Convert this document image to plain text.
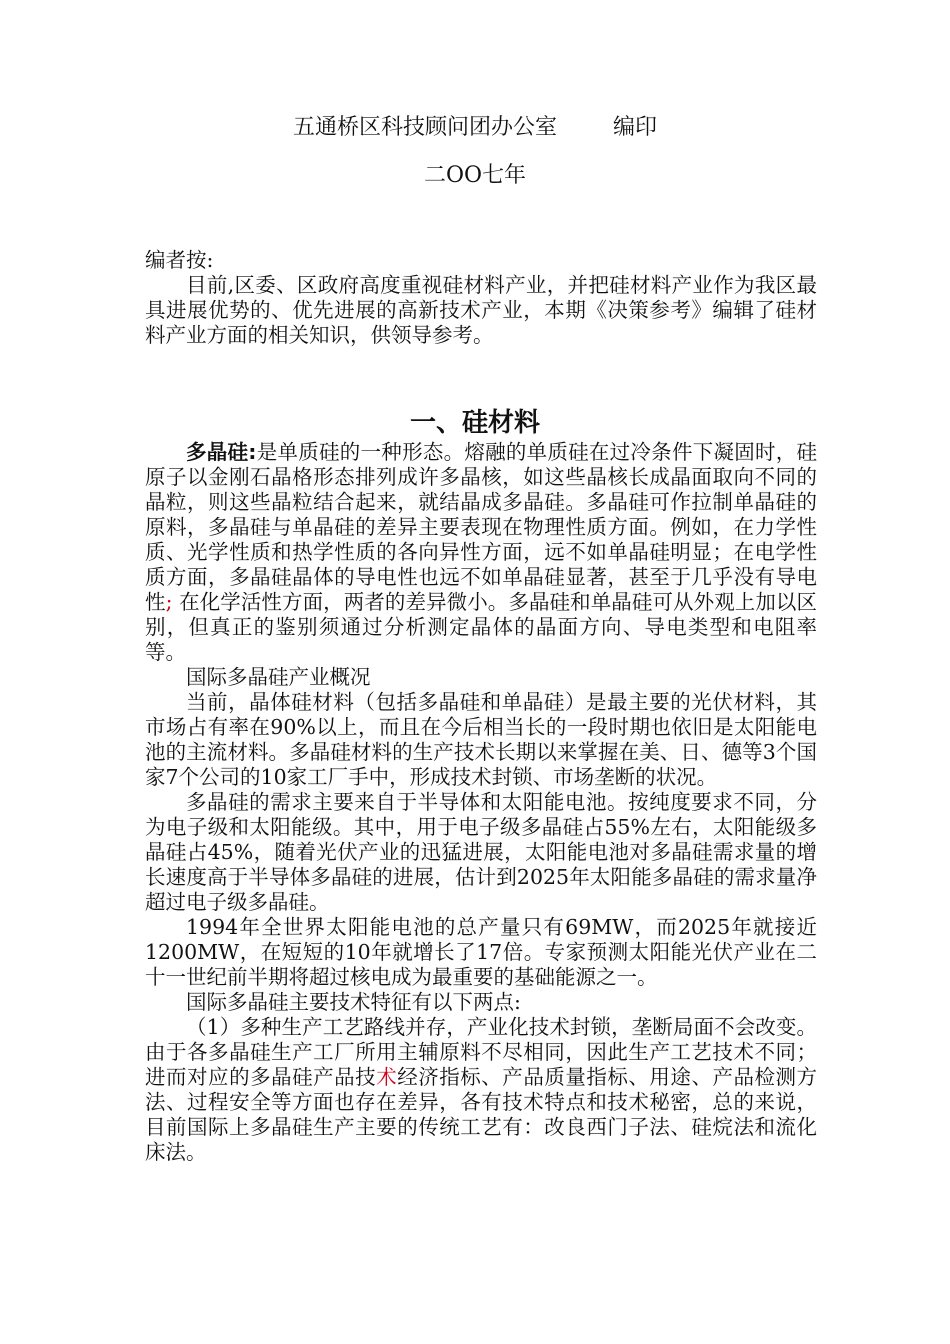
五通桥区科技顾问团办公室	编印
二OO七年

编者按:

目前,区委、区政府高度重视硅材料产业，并把硅材料产业作为我区最具进展优势的、优先进展的高新技术产业，本期《决策参考》编辑了硅材料产业方面的相关知识，供领导参考。

一、硅材料

多晶硅:是单质硅的一种形态。熔融的单质硅在过冷条件下凝固时，硅原子以金刚石晶格形态排列成许多晶核，如这些晶核长成晶面取向不同的晶粒，则这些晶粒结合起来，就结晶成多晶硅。多晶硅可作拉制单晶硅的原料，多晶硅与单晶硅的差异主要表现在物理性质方面。例如，在力学性质、光学性质和热学性质的各向异性方面，远不如单晶硅明显；在电学性质方面，多晶硅晶体的导电性也远不如单晶硅显著，甚至于几乎没有导电性; 在化学活性方面，两者的差异微小。多晶硅和单晶硅可从外观上加以区别，但真正的鉴别须通过分析测定晶体的晶面方向、导电类型和电阻率等。

国际多晶硅产业概况

当前，晶体硅材料（包括多晶硅和单晶硅）是最主要的光伏材料，其市场占有率在90%以上，而且在今后相当长的一段时期也依旧是太阳能电池的主流材料。多晶硅材料的生产技术长期以来掌握在美、日、德等3个国家7个公司的10家工厂手中，形成技术封锁、市场垄断的状况。

多晶硅的需求主要来自于半导体和太阳能电池。按纯度要求不同，分为电子级和太阳能级。其中，用于电子级多晶硅占55%左右，太阳能级多晶硅占45%，随着光伏产业的迅猛进展，太阳能电池对多晶硅需求量的增长速度高于半导体多晶硅的进展，估计到2025年太阳能多晶硅的需求量净超过电子级多晶硅。

1994年全世界太阳能电池的总产量只有69MW，而2025年就接近1200MW，在短短的10年就增长了17倍。专家预测太阳能光伏产业在二十一世纪前半期将超过核电成为最重要的基础能源之一。

国际多晶硅主要技术特征有以下两点:

（1）多种生产工艺路线并存，产业化技术封锁，垄断局面不会改变。由于各多晶硅生产工厂所用主辅原料不尽相同，因此生产工艺技术不同；进而对应的多晶硅产品技术经济指标、产品质量指标、用途、产品检测方法、过程安全等方面也存在差异，各有技术特点和技术秘密，总的来说，目前国际上多晶硅生产主要的传统工艺有：改良西门子法、硅烷法和流化床法。
